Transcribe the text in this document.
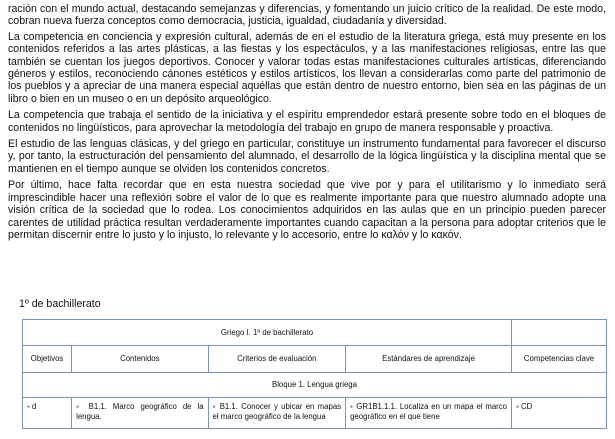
ración con el mundo actual, destacando semejanzas y diferencias, y fomentando un juicio crítico de la realidad. De este modo, cobran nueva fuerza conceptos como democracia, justicia, igualdad, ciudadanía y diversidad.

La competencia en conciencia y expresión cultural, además de en el estudio de la literatura griega, está muy presente en los contenidos referidos a las artes plásticas, a las fiestas y los espectáculos, y a las manifestaciones religiosas, entre las que también se cuentan los juegos deportivos. Conocer y valorar todas estas manifestaciones culturales artísticas, diferenciando géneros y estilos, reconociendo cánones estéticos y estilos artísticos, los llevan a considerarlas como parte del patrimonio de los pueblos y a apreciar de una manera especial aquéllas que están dentro de nuestro entorno, bien sea en las páginas de un libro o bien en un museo o en un depósito arqueológico.

La competencia que trabaja el sentido de la iniciativa y el espíritu emprendedor estará presente sobre todo en el bloques de contenidos no lingüísticos, para aprovechar la metodología del trabajo en grupo de manera responsable y proactiva.

El estudio de las lenguas clásicas, y del griego en particular, constituye un instrumento fundamental para favorecer el discurso y, por tanto, la estructuración del pensamiento del alumnado, el desarrollo de la lógica lingüística y la disciplina mental que se mantienen en el tiempo aunque se olviden los contenidos concretos.

Por último, hace falta recordar que en esta nuestra sociedad que vive por y para el utilitarismo y lo inmediato será imprescindible hacer una reflexión sobre el valor de lo que es realmente importante para que nuestro alumnado adopte una visión crítica de la sociedad que lo rodea. Los conocimientos adquiridos en las aulas que en un principio pueden parecer carentes de utilidad práctica resultan verdaderamente importantes cuando capacitan a la persona para adoptar criterios que le permitan discernir entre lo justo y lo injusto, lo relevante y lo accesorio, entre lo καλόν y lo κακόν.

1º de bachillerato

Griego I. 1º de bachillerato				
Objetivos	Contenidos	Criterios de evaluación	Estándares de aprendizaje	Competencias clave
Bloque 1. Lengua griega				
▪ d	▪ B1.1. Marco geográfico de la lengua.	▪ B1.1. Conocer y ubicar en mapas el marco geográfico de la lengua	▪ GR1B1.1.1. Localiza en un mapa el marco geográfico en el que tiene	▪ CD
